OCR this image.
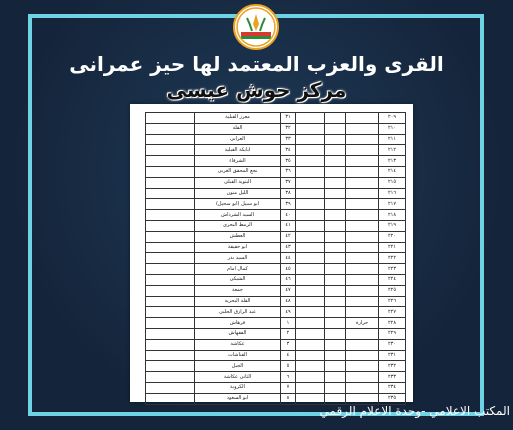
القرى والعزب المعتمد لها حيز عمرانى
مركز حوش عيسى
٢٠٩				٣١	معرز القبلية	
٢١٠				٣٢	القلة	
٢١١				٣٣	العرابى	
٢١٢				٣٤	ابابكة القبلية	
٢١٣				٣٥	الشرفاء	
٢١٤				٣٦	نجع المحقق الغربى	
٢١٥				٣٧	البتوية القبلى	
٢١٦				٣٨	الليل منون	
٢١٧				٣٩	ابو سبيل (ابو سحيل)	
٢١٨				٤٠	السيد الشرداش	
٢١٩				٤١	الرمط البحرى	
٢٢٠				٤٢	العطش	
٢٢١				٤٣	ابو حقيقة	
٢٢٢				٤٤	السيد بدر	
٢٢٣				٤٥	كمال امام	
٢٢٤				٤٦	الشبكى	
٢٢٥				٤٧	جمعة	
٢٢٦				٤٨	القلة البحرية	
٢٢٧				٤٩	عبد الرازق الحلبى	
٢٢٨	حرارة			١	فرهاش	
٢٢٩				٢	الفقهاش	
٢٣٠				٣	عكاشة	
٢٣١				٤	القناشات	
٢٣٢				٥	الجبل	
٢٣٣				٦	الثانى عكاشة	
٢٣٤				٧	الكروبة	
٢٣٥				٨	ابو السعود	
المكتب الاعلامي -وحدة الاعلام الرقمي
